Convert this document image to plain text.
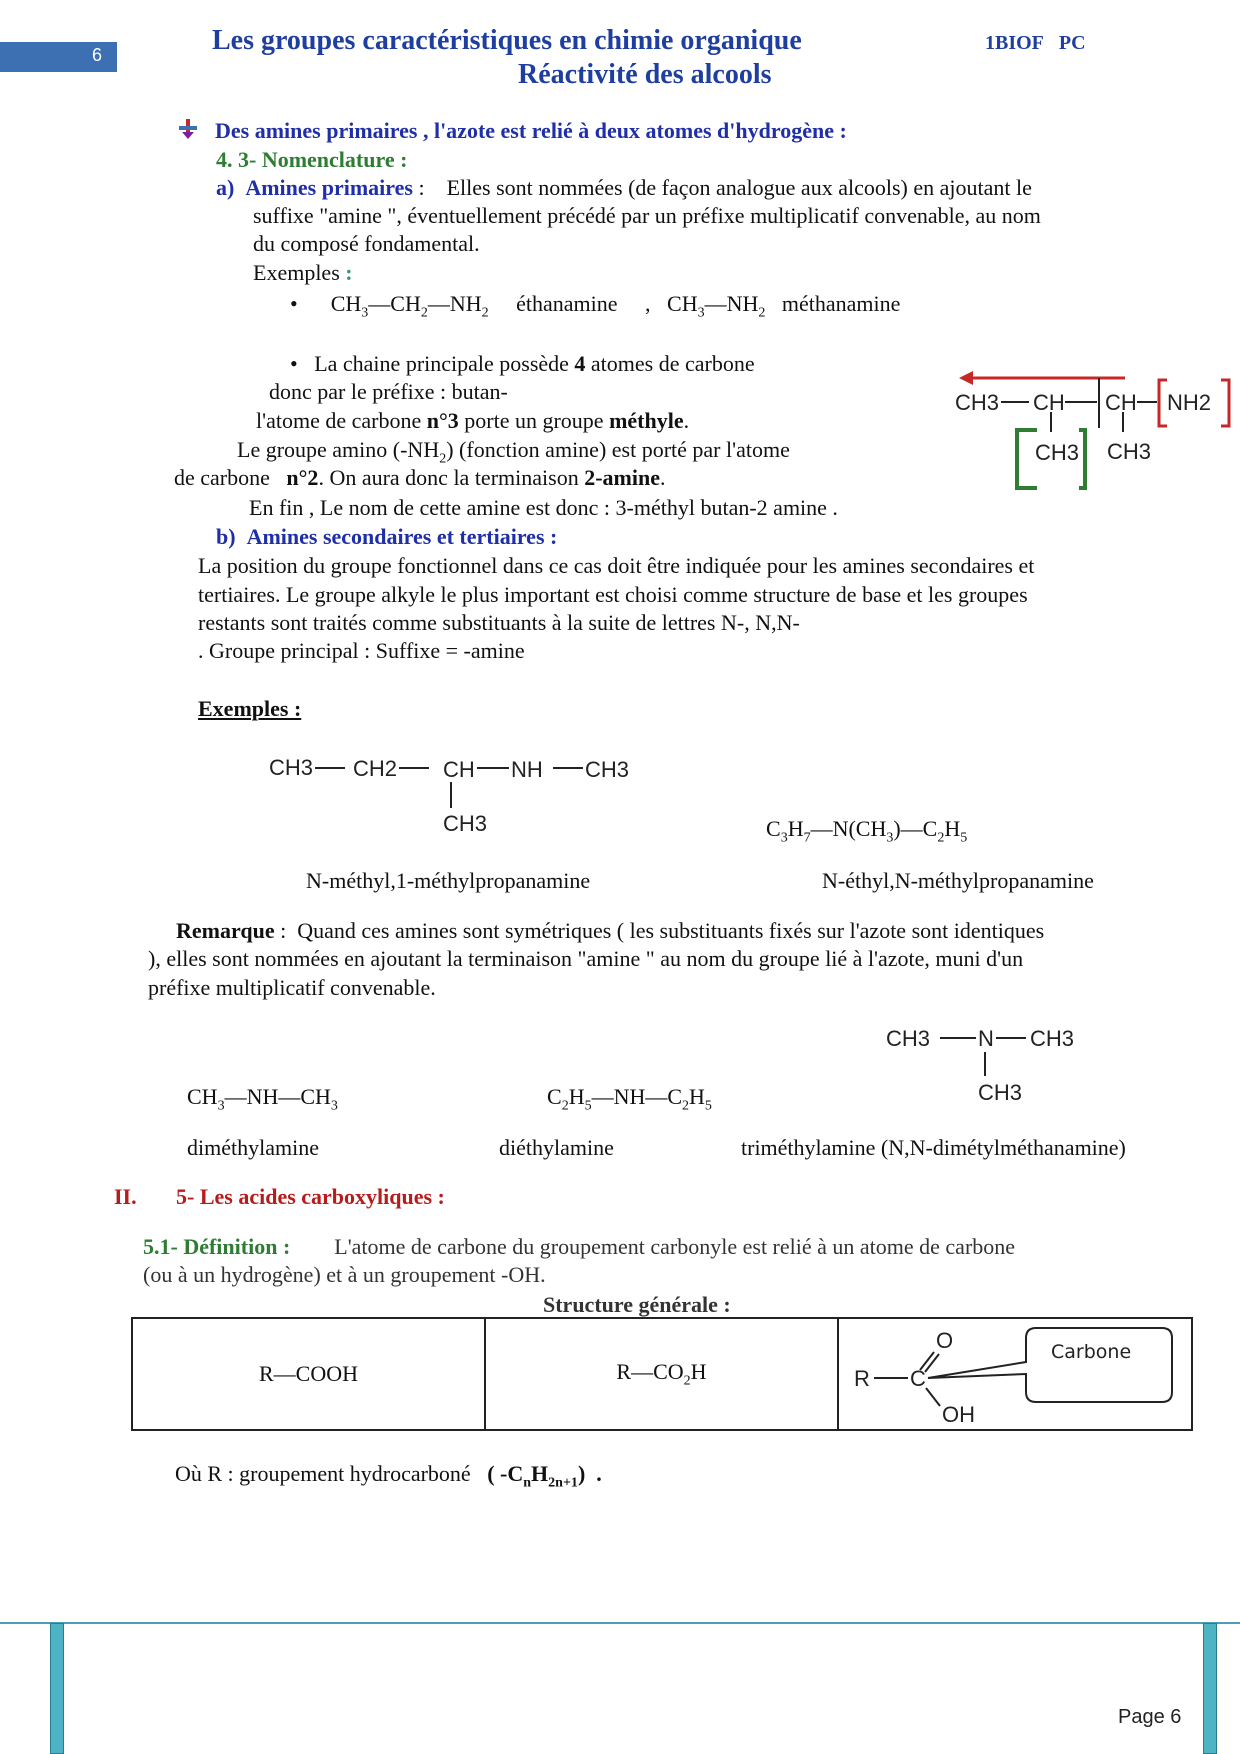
6	Les groupes caractéristiques en chimie organique
Réactivité des alcools
1BIOF PC
Des amines primaires , l'azote est relié à deux atomes d'hydrogène :
4. 3- Nomenclature :
a) Amines primaires :    Elles sont nommées (de façon analogue aux alcools) en ajoutant le
suffixe "amine ", éventuellement précédé par un préfixe multiplicatif convenable, au nom
du composé fondamental.
Exemples :
•      $CH_3—CH_2—NH_2$ éthanamine     ,   $CH_3—NH_2$ méthanamine
•   La chaine principale possède 4 atomes de carbone
donc par le préfixe : butan-
l'atome de carbone n°3 porte un groupe méthyle.
Le groupe amino $(-NH_2)$ (fonction amine) est porté par l'atome
de carbone n°2. On aura donc la terminaison 2-amine.
En fin , Le nom de cette amine est donc : 3-méthyl butan-2 amine .
CH3 CH CH NH2
CH3 CH3
b) Amines secondaires et tertiaires :
La position du groupe fonctionnel dans ce cas doit être indiquée pour les amines secondaires et
tertiaires. Le groupe alkyle le plus important est choisi comme structure de base et les groupes
restants sont traités comme substituants à la suite de lettres N-, N,N-
. Groupe principal : Suffixe = -amine
Exemples :
CH3 CH2 CH NH CH3
CH3	$C_3H_7—N(CH_3)—C_2H_5$
N-méthyl,1-méthylpropanamine	N-éthyl,N-méthylpropanamine
Remarque :  Quand ces amines sont symétriques ( les substituants fixés sur l'azote sont identiques
), elles sont nommées en ajoutant la terminaison "amine " au nom du groupe lié à l'azote, muni d'un
préfixe multiplicatif convenable.
CH3 N CH3
CH3
$CH_3—NH—CH_3$	$C_2H_5—NH—C_2H_5$
diméthylamine	diéthylamine	triméthylamine (N,N-dimétylméthanamine)
II. 5- Les acides carboxyliques :
5.1- Définition : L'atome de carbone du groupement carbonyle est relié à un atome de carbone
(ou à un hydrogène) et à un groupement -OH.
Structure générale :
R—COOH	$R—CO_2H$	
O
R C
OH
Carbone
Où R : groupement hydrocarboné ( $-C_nH_{2n+1}$)  .
Page 6
